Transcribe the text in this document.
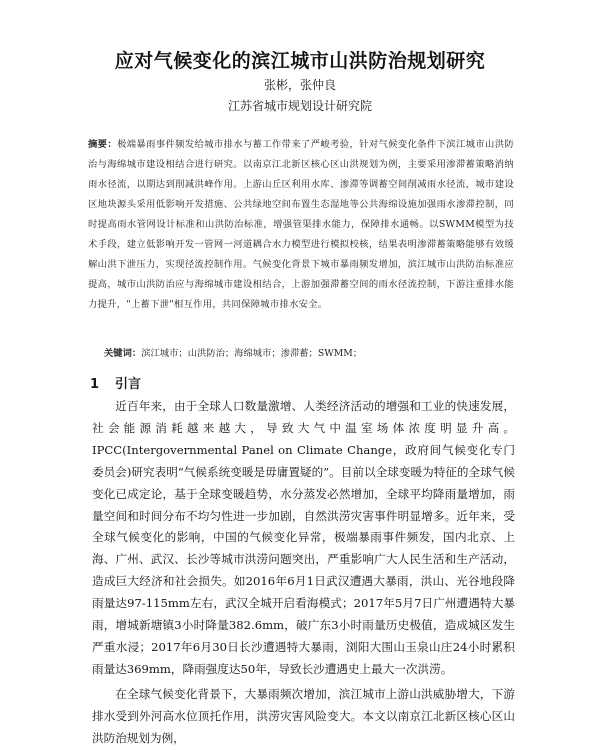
应对气候变化的滨江城市山洪防治规划研究
张彬，张仲良
江苏省城市规划设计研究院
摘要：极端暴雨事件频发给城市排水与蓄工作带来了严峻考验，针对气候变化条件下滨江城市山洪防治与海绵城市建设相结合进行研究。以南京江北新区核心区山洪规划为例，主要采用渗滞蓄策略消纳雨水径流，以期达到削减洪峰作用。上游山丘区利用水库、渗滞等调蓄空间削减雨水径流，城市建设区地块源头采用低影响开发措施、公共绿地空间布置生态湿地等公共海绵设施加强雨水渗滞控制，同时提高雨水管网设计标准和山洪防治标准，增强管渠排水能力，保障排水通畅。以SWMM模型为技术手段，建立低影响开发一管网一河道耦合水力模型进行模拟校核，结果表明渗滞蓄策略能够有效缓解山洪下泄压力，实现径流控制作用。气候变化背景下城市暴雨频发增加，滨江城市山洪防治标准应提高，城市山洪防治应与海绵城市建设相结合，上游加强滞蓄空间的雨水径流控制，下游注重排水能力提升，"上蓄下泄"相互作用，共同保障城市排水安全。
关键词：滨江城市；山洪防治；海绵城市；渗滞蓄；SWMM；
1 引言

近百年来，由于全球人口数量激增、人类经济活动的增强和工业的快速发展，社会能源消耗越来越大，导致大气中温室场体浓度明显升高。IPCC(Intergovernmental Panel on Climate Change，政府间气候变化专门委员会)研究表明“气候系统变暖是毋庸置疑的”。目前以全球变暖为特征的全球气候变化已成定论，基于全球变暖趋势，水分蒸发必然增加，全球平均降雨量增加，雨量空间和时间分布不均匀性进一步加剧，自然洪涝灾害事件明显增多。近年来，受全球气候变化的影响，中国的气候变化异常，极端暴雨事件频发，国内北京、上海、广州、武汉、长沙等城市洪涝问题突出，严重影响广大人民生活和生产活动，造成巨大经济和社会损失。如2016年6月1日武汉遭遇大暴雨，洪山、光谷地段降雨量达97-115mm左右，武汉全城开启看海模式；2017年5月7日广州遭遇特大暴雨，增城新塘镇3小时降量382.6mm，破广东3小时雨量历史极值，造成城区发生严重水浸；2017年6月30日长沙遭遇特大暴雨，浏阳大围山玉泉山庄24小时累积雨量达369mm，降雨强度达50年，导致长沙遭遇史上最大一次洪涝。

在全球气候变化背景下，大暴雨频次增加，滨江城市上游山洪威胁增大，下游排水受到外河高水位顶托作用，洪涝灾害风险变大。本文以南京江北新区核心区山洪防治规划为例，
